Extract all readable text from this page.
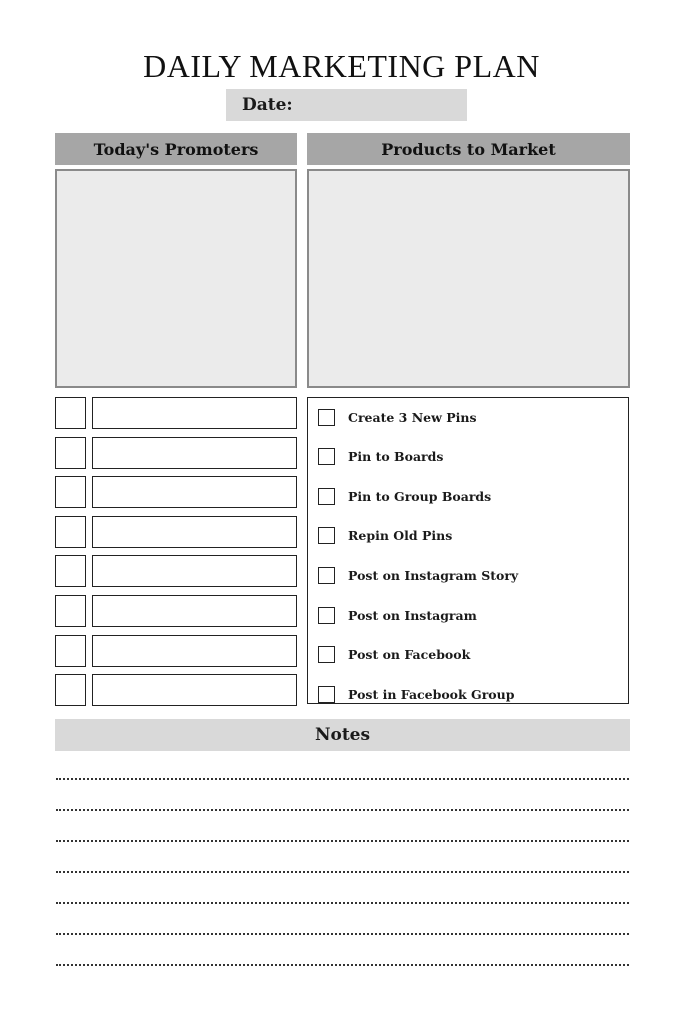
DAILY MARKETING PLAN
Date:
Today's Promoters	Products to Market
Create 3 New Pins
Pin to Boards
Pin to Group Boards
Repin Old Pins
Post on Instagram Story
Post on Instagram
Post on Facebook
Post in Facebook Group
Notes
